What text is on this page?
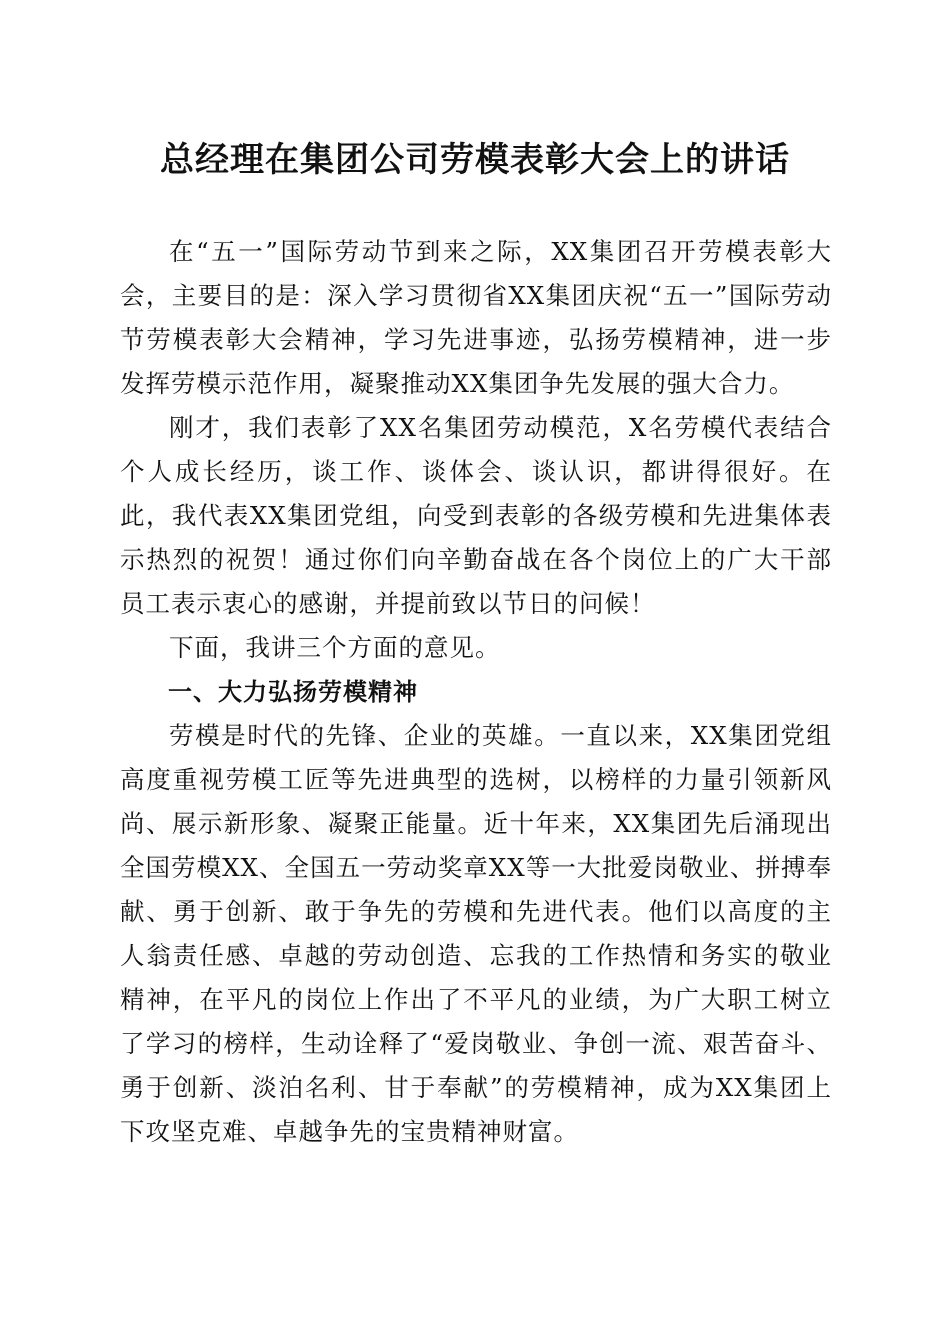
总经理在集团公司劳模表彰大会上的讲话

在“五一”国际劳动节到来之际，XX集团召开劳模表彰大会，主要目的是：深入学习贯彻省XX集团庆祝“五一”国际劳动节劳模表彰大会精神，学习先进事迹，弘扬劳模精神，进一步发挥劳模示范作用，凝聚推动XX集团争先发展的强大合力。

刚才，我们表彰了XX名集团劳动模范，X名劳模代表结合个人成长经历，谈工作、谈体会、谈认识，都讲得很好。在此，我代表XX集团党组，向受到表彰的各级劳模和先进集体表示热烈的祝贺！通过你们向辛勤奋战在各个岗位上的广大干部员工表示衷心的感谢，并提前致以节日的问候！

下面，我讲三个方面的意见。

一、大力弘扬劳模精神

劳模是时代的先锋、企业的英雄。一直以来，XX集团党组高度重视劳模工匠等先进典型的选树，以榜样的力量引领新风尚、展示新形象、凝聚正能量。近十年来，XX集团先后涌现出全国劳模XX、全国五一劳动奖章XX等一大批爱岗敬业、拼搏奉献、勇于创新、敢于争先的劳模和先进代表。他们以高度的主人翁责任感、卓越的劳动创造、忘我的工作热情和务实的敬业精神，在平凡的岗位上作出了不平凡的业绩，为广大职工树立了学习的榜样，生动诠释了“爱岗敬业、争创一流、艰苦奋斗、勇于创新、淡泊名利、甘于奉献”的劳模精神，成为XX集团上下攻坚克难、卓越争先的宝贵精神财富。
